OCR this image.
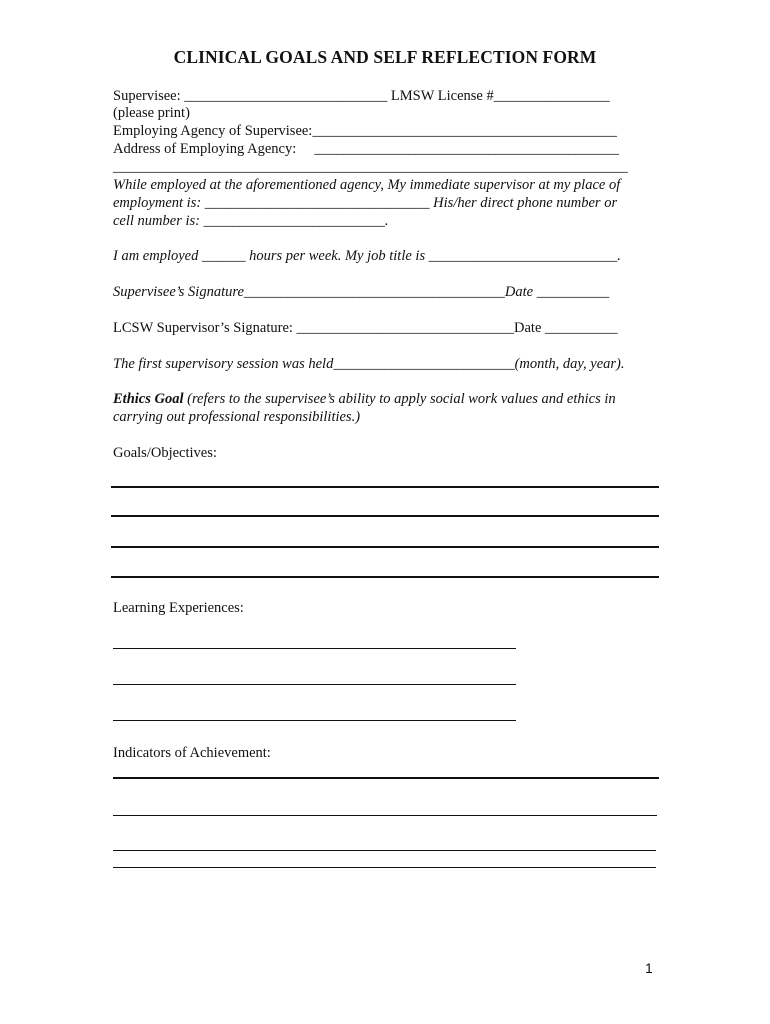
CLINICAL GOALS AND SELF REFLECTION FORM
Supervisee: ____________________________ LMSW License #________________
(please print)
Employing Agency of Supervisee:__________________________________________
Address of Employing Agency:     __________________________________________
_______________________________________________________________________
While employed at the aforementioned agency, My immediate supervisor at my place of
employment is: _______________________________ His/her direct phone number or
cell number is: _________________________.
I am employed ______ hours per week. My job title is __________________________.
Supervisee’s Signature____________________________________Date __________
LCSW Supervisor’s Signature: ______________________________Date __________
The first supervisory session was held_________________________(month, day, year).
Ethics Goal (refers to the supervisee’s ability to apply social work values and ethics in
carrying out professional responsibilities.)
Goals/Objectives:
Learning Experiences:
Indicators of Achievement:
1
